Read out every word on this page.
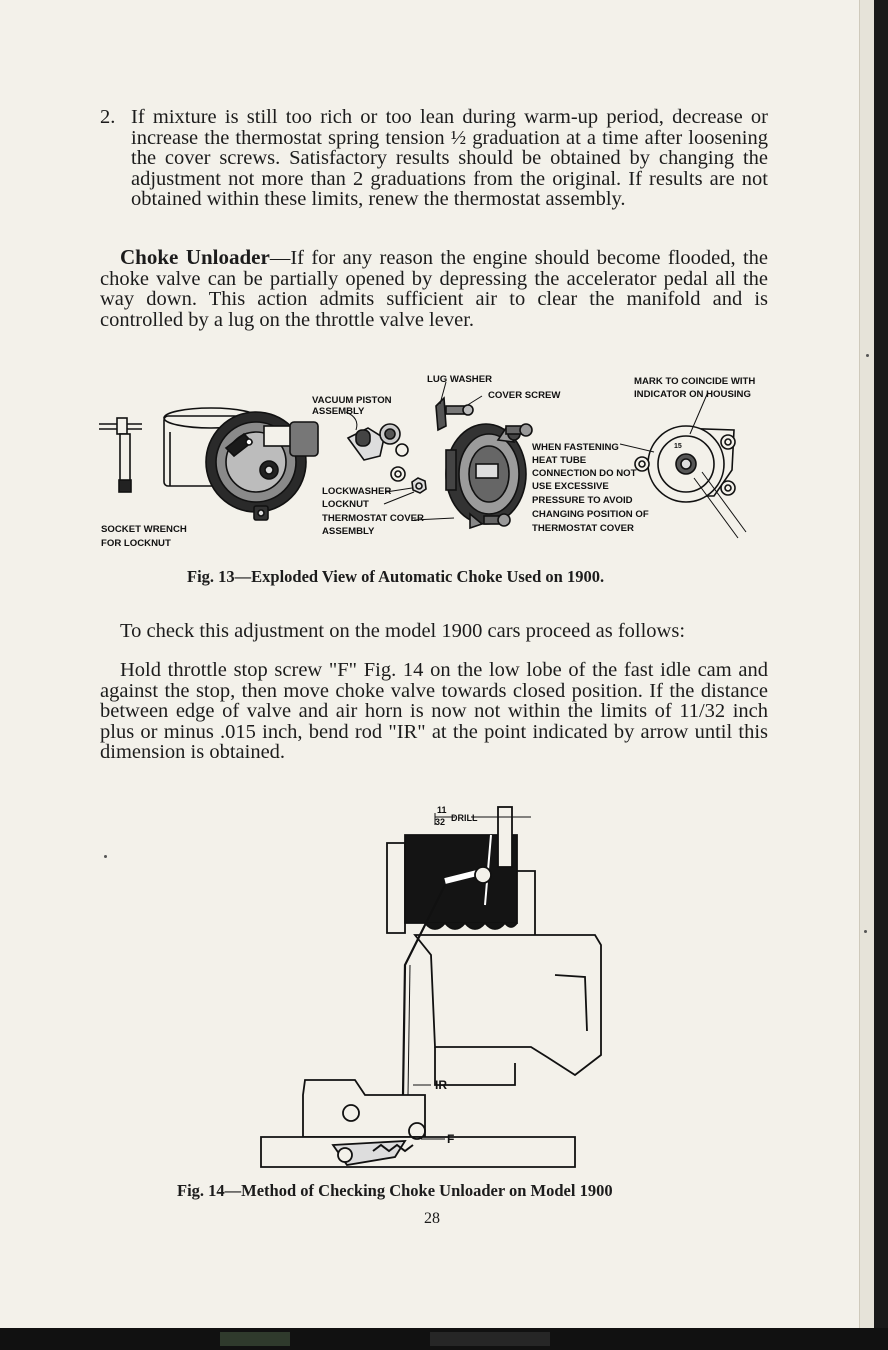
2. If mixture is still too rich or too lean during warm-up period, decrease or increase the thermostat spring tension ½ graduation at a time after loosening the cover screws. Satisfactory results should be obtained by changing the adjustment not more than 2 graduations from the original. If results are not obtained within these limits, renew the thermostat assembly.
Choke Unloader—If for any reason the engine should become flooded, the choke valve can be partially opened by depressing the accelerator pedal all the way down. This action admits sufficient air to clear the manifold and is controlled by a lug on the throttle valve lever.
SOCKET WRENCH
FOR LOCKNUT
VACUUM PISTON
ASSEMBLY
LUG WASHER
COVER SCREW
LOCKWASHER
LOCKNUT
THERMOSTAT COVER
ASSEMBLY
MARK TO COINCIDE WITH
INDICATOR ON HOUSING
WHEN FASTENING
HEAT TUBE
CONNECTION DO NOT
USE EXCESSIVE
PRESSURE TO AVOID
CHANGING POSITION OF
THERMOSTAT COVER
15
Fig. 13—Exploded View of Automatic Choke Used on 1900.
To check this adjustment on the model 1900 cars proceed as follows:
Hold throttle stop screw "F" Fig. 14 on the low lobe of the fast idle cam and against the stop, then move choke valve towards closed position. If the distance between edge of valve and air horn is now not within the limits of 11/32 inch plus or minus .015 inch, bend rod "IR" at the point indicated by arrow until this dimension is obtained.
11
32 DRILL
IR
F
Fig. 14—Method of Checking Choke Unloader on Model 1900
28
